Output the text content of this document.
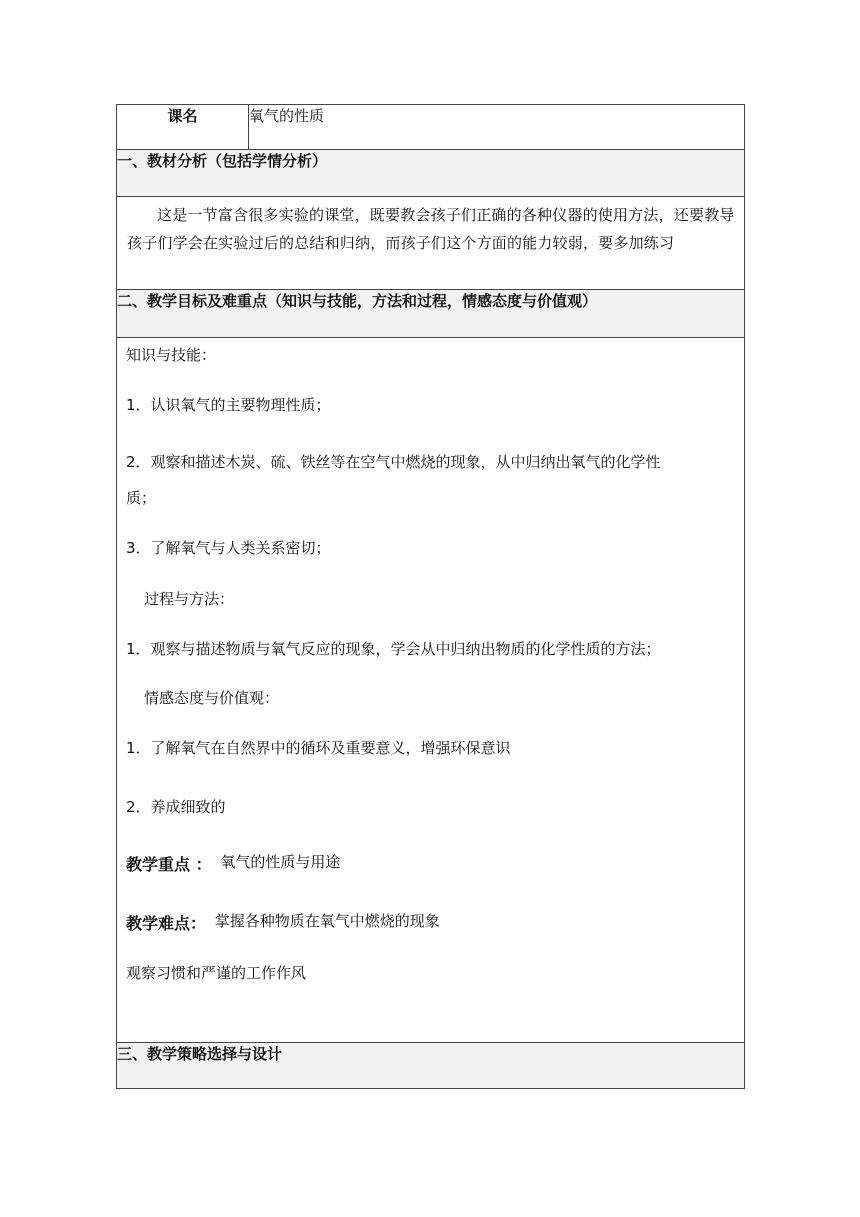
课名	氧气的性质
一、教材分析（包括学情分析）

这是一节富含很多实验的课堂，既要教会孩子们正确的各种仪器的使用方法，还要教导孩子们学会在实验过后的总结和归纳，而孩子们这个方面的能力较弱，要多加练习

二、教学目标及难重点（知识与技能，方法和过程，情感态度与价值观）

知识与技能：
1．认识氧气的主要物理性质；
2．观察和描述木炭、硫、铁丝等在空气中燃烧的现象，从中归纳出氧气的化学性
质；
3．了解氧气与人类关系密切；
过程与方法：
1．观察与描述物质与氧气反应的现象，学会从中归纳出物质的化学性质的方法；
情感态度与价值观：
1．了解氧气在自然界中的循环及重要意义，增强环保意识
2．养成细致的
教学重点 ： 氧气的性质与用途
教学难点： 掌握各种物质在氧气中燃烧的现象
观察习惯和严谨的工作作风

三、教学策略选择与设计
